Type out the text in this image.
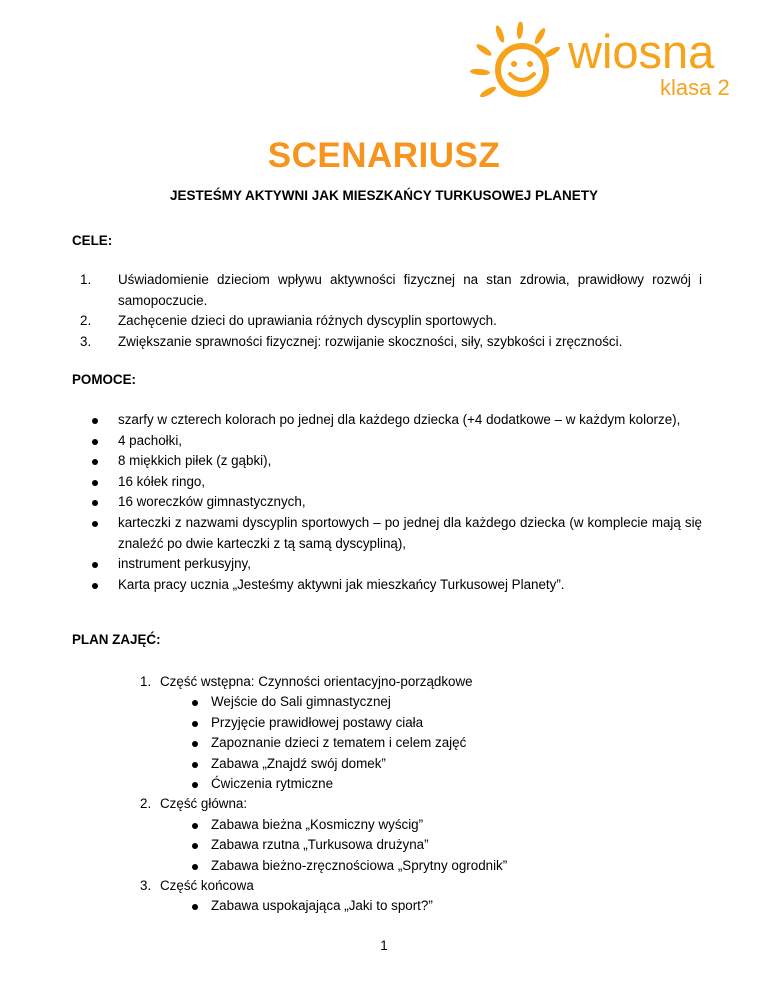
wiosna
klasa 2
SCENARIUSZ
JESTEŚMY AKTYWNI JAK MIESZKAŃCY TURKUSOWEJ PLANETY
CELE:
1. Uświadomienie dzieciom wpływu aktywności fizycznej na stan zdrowia, prawidłowy rozwój i samopoczucie.
2. Zachęcenie dzieci do uprawiania różnych dyscyplin sportowych.
3. Zwiększanie sprawności fizycznej: rozwijanie skoczności, siły, szybkości i zręczności.
POMOCE:
szarfy w czterech kolorach po jednej dla każdego dziecka (+4 dodatkowe – w każdym kolorze),
4 pachołki,
8 miękkich piłek (z gąbki),
16 kółek ringo,
16 woreczków gimnastycznych,
karteczki z nazwami dyscyplin sportowych – po jednej dla każdego dziecka (w komplecie mają się znaleźć po dwie karteczki z tą samą dyscypliną),
instrument perkusyjny,
Karta pracy ucznia „Jesteśmy aktywni jak mieszkańcy Turkusowej Planety”.
PLAN ZAJĘĆ:
1. Część wstępna: Czynności orientacyjno-porządkowe
Wejście do Sali gimnastycznej
Przyjęcie prawidłowej postawy ciała
Zapoznanie dzieci z tematem i celem zajęć
Zabawa „Znajdź swój domek”
Ćwiczenia rytmiczne
2. Część główna:
Zabawa bieżna „Kosmiczny wyścig”
Zabawa rzutna „Turkusowa drużyna”
Zabawa bieżno-zręcznościowa „Sprytny ogrodnik”
3. Część końcowa
Zabawa uspokajająca „Jaki to sport?”
1
